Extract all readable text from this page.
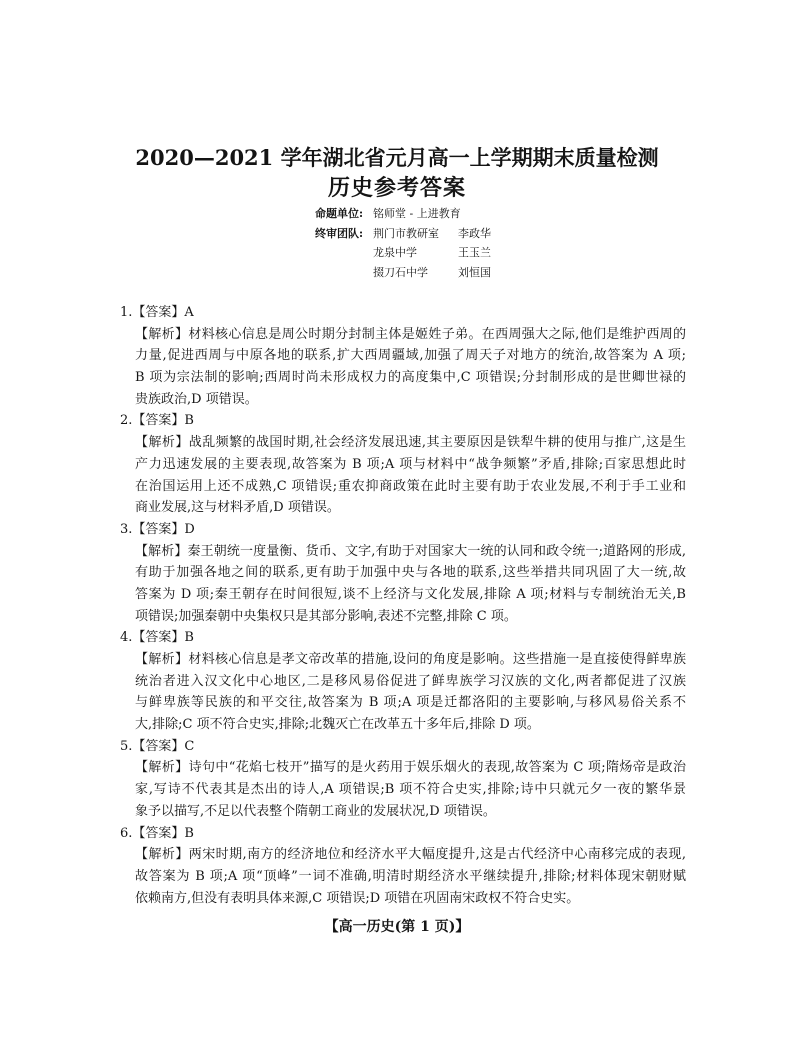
2020—2021 学年湖北省元月高一上学期期末质量检测
历史参考答案
命题单位: 铭师堂 - 上进教育
终审团队: 荆门市教研室 李政华
龙泉中学	王玉兰
掇刀石中学	刘恒国
1.【答案】A
【解析】材料核心信息是周公时期分封制主体是姬姓子弟。在西周强大之际,他们是维护西周的
力量,促进西周与中原各地的联系,扩大西周疆域,加强了周天子对地方的统治,故答案为 A 项;
B 项为宗法制的影响;西周时尚未形成权力的高度集中,C 项错误;分封制形成的是世卿世禄的
贵族政治,D 项错误。
2.【答案】B
【解析】战乱频繁的战国时期,社会经济发展迅速,其主要原因是铁犁牛耕的使用与推广,这是生
产力迅速发展的主要表现,故答案为 B 项;A 项与材料中“战争频繁”矛盾,排除;百家思想此时
在治国运用上还不成熟,C 项错误;重农抑商政策在此时主要有助于农业发展,不利于手工业和
商业发展,这与材料矛盾,D 项错误。
3.【答案】D
【解析】秦王朝统一度量衡、货币、文字,有助于对国家大一统的认同和政令统一;道路网的形成,
有助于加强各地之间的联系,更有助于加强中央与各地的联系,这些举措共同巩固了大一统,故
答案为 D 项;秦王朝存在时间很短,谈不上经济与文化发展,排除 A 项;材料与专制统治无关,B
项错误;加强秦朝中央集权只是其部分影响,表述不完整,排除 C 项。
4.【答案】B
【解析】材料核心信息是孝文帝改革的措施,设问的角度是影响。这些措施一是直接使得鲜卑族
统治者进入汉文化中心地区,二是移风易俗促进了鲜卑族学习汉族的文化,两者都促进了汉族
与鲜卑族等民族的和平交往,故答案为 B 项;A 项是迁都洛阳的主要影响,与移风易俗关系不
大,排除;C 项不符合史实,排除;北魏灭亡在改革五十多年后,排除 D 项。
5.【答案】C
【解析】诗句中“花焰七枝开”描写的是火药用于娱乐烟火的表现,故答案为 C 项;隋炀帝是政治
家,写诗不代表其是杰出的诗人,A 项错误;B 项不符合史实,排除;诗中只就元夕一夜的繁华景
象予以描写,不足以代表整个隋朝工商业的发展状况,D 项错误。
6.【答案】B
【解析】两宋时期,南方的经济地位和经济水平大幅度提升,这是古代经济中心南移完成的表现,
故答案为 B 项;A 项“顶峰”一词不准确,明清时期经济水平继续提升,排除;材料体现宋朝财赋
依赖南方,但没有表明具体来源,C 项错误;D 项错在巩固南宋政权不符合史实。
【高一历史(第 1 页)】
